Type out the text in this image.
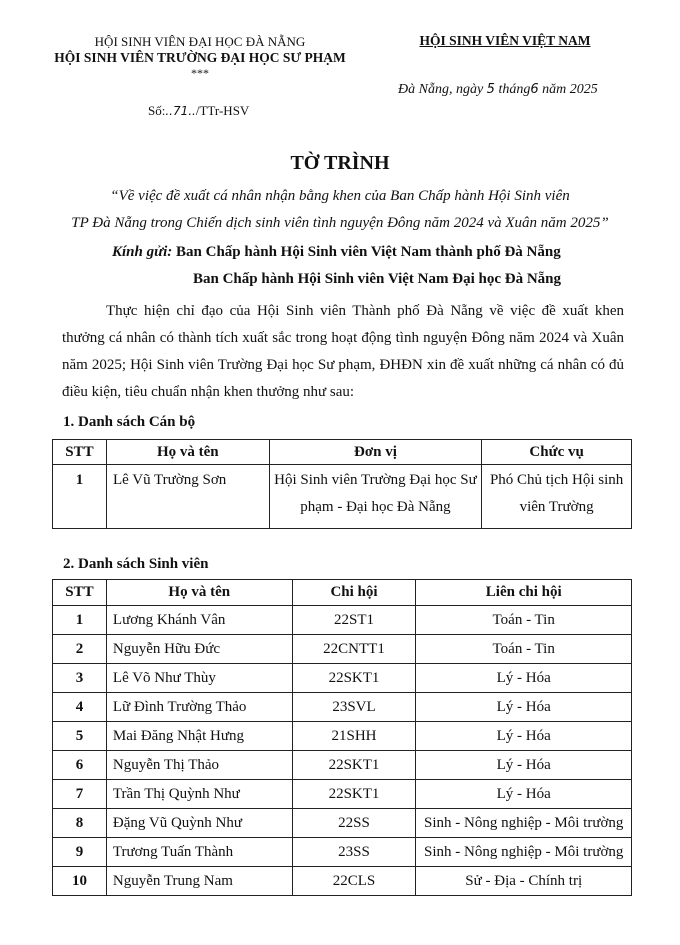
HỘI SINH VIÊN ĐẠI HỌC ĐÀ NẴNG
HỘI SINH VIÊN TRƯỜNG ĐẠI HỌC SƯ PHẠM
***
HỘI SINH VIÊN VIỆT NAM
Số:..71../TTr-HSV
Đà Nẵng, ngày 5 tháng6 năm 2025
TỜ TRÌNH
“Về việc đề xuất cá nhân nhận bằng khen của Ban Chấp hành Hội Sinh viên
TP Đà Nẵng trong Chiến dịch sinh viên tình nguyện Đông năm 2024 và Xuân năm 2025”
Kính gửi: Ban Chấp hành Hội Sinh viên Việt Nam thành phố Đà Nẵng
Ban Chấp hành Hội Sinh viên Việt Nam Đại học Đà Nẵng

Thực hiện chỉ đạo của Hội Sinh viên Thành phố Đà Nẵng về việc đề xuất khen thưởng cá nhân có thành tích xuất sắc trong hoạt động tình nguyện Đông năm 2024 và Xuân năm 2025; Hội Sinh viên Trường Đại học Sư phạm, ĐHĐN xin đề xuất những cá nhân có đủ điều kiện, tiêu chuẩn nhận khen thưởng như sau:

1. Danh sách Cán bộ
STT	Họ và tên	Đơn vị	Chức vụ
1	Lê Vũ Trường Sơn	Hội Sinh viên Trường Đại học Sư phạm - Đại học Đà Nẵng	Phó Chủ tịch Hội sinh viên Trường
2. Danh sách Sinh viên
STT	Họ và tên	Chi hội	Liên chi hội
1	Lương Khánh Vân	22ST1	Toán - Tin
2	Nguyễn Hữu Đức	22CNTT1	Toán - Tin
3	Lê Võ Như Thùy	22SKT1	Lý - Hóa
4	Lữ Đình Trường Thảo	23SVL	Lý - Hóa
5	Mai Đăng Nhật Hưng	21SHH	Lý - Hóa
6	Nguyễn Thị Thảo	22SKT1	Lý - Hóa
7	Trần Thị Quỳnh Như	22SKT1	Lý - Hóa
8	Đặng Vũ Quỳnh Như	22SS	Sinh - Nông nghiệp - Môi trường
9	Trương Tuấn Thành	23SS	Sinh - Nông nghiệp - Môi trường
10	Nguyễn Trung Nam	22CLS	Sử - Địa - Chính trị
